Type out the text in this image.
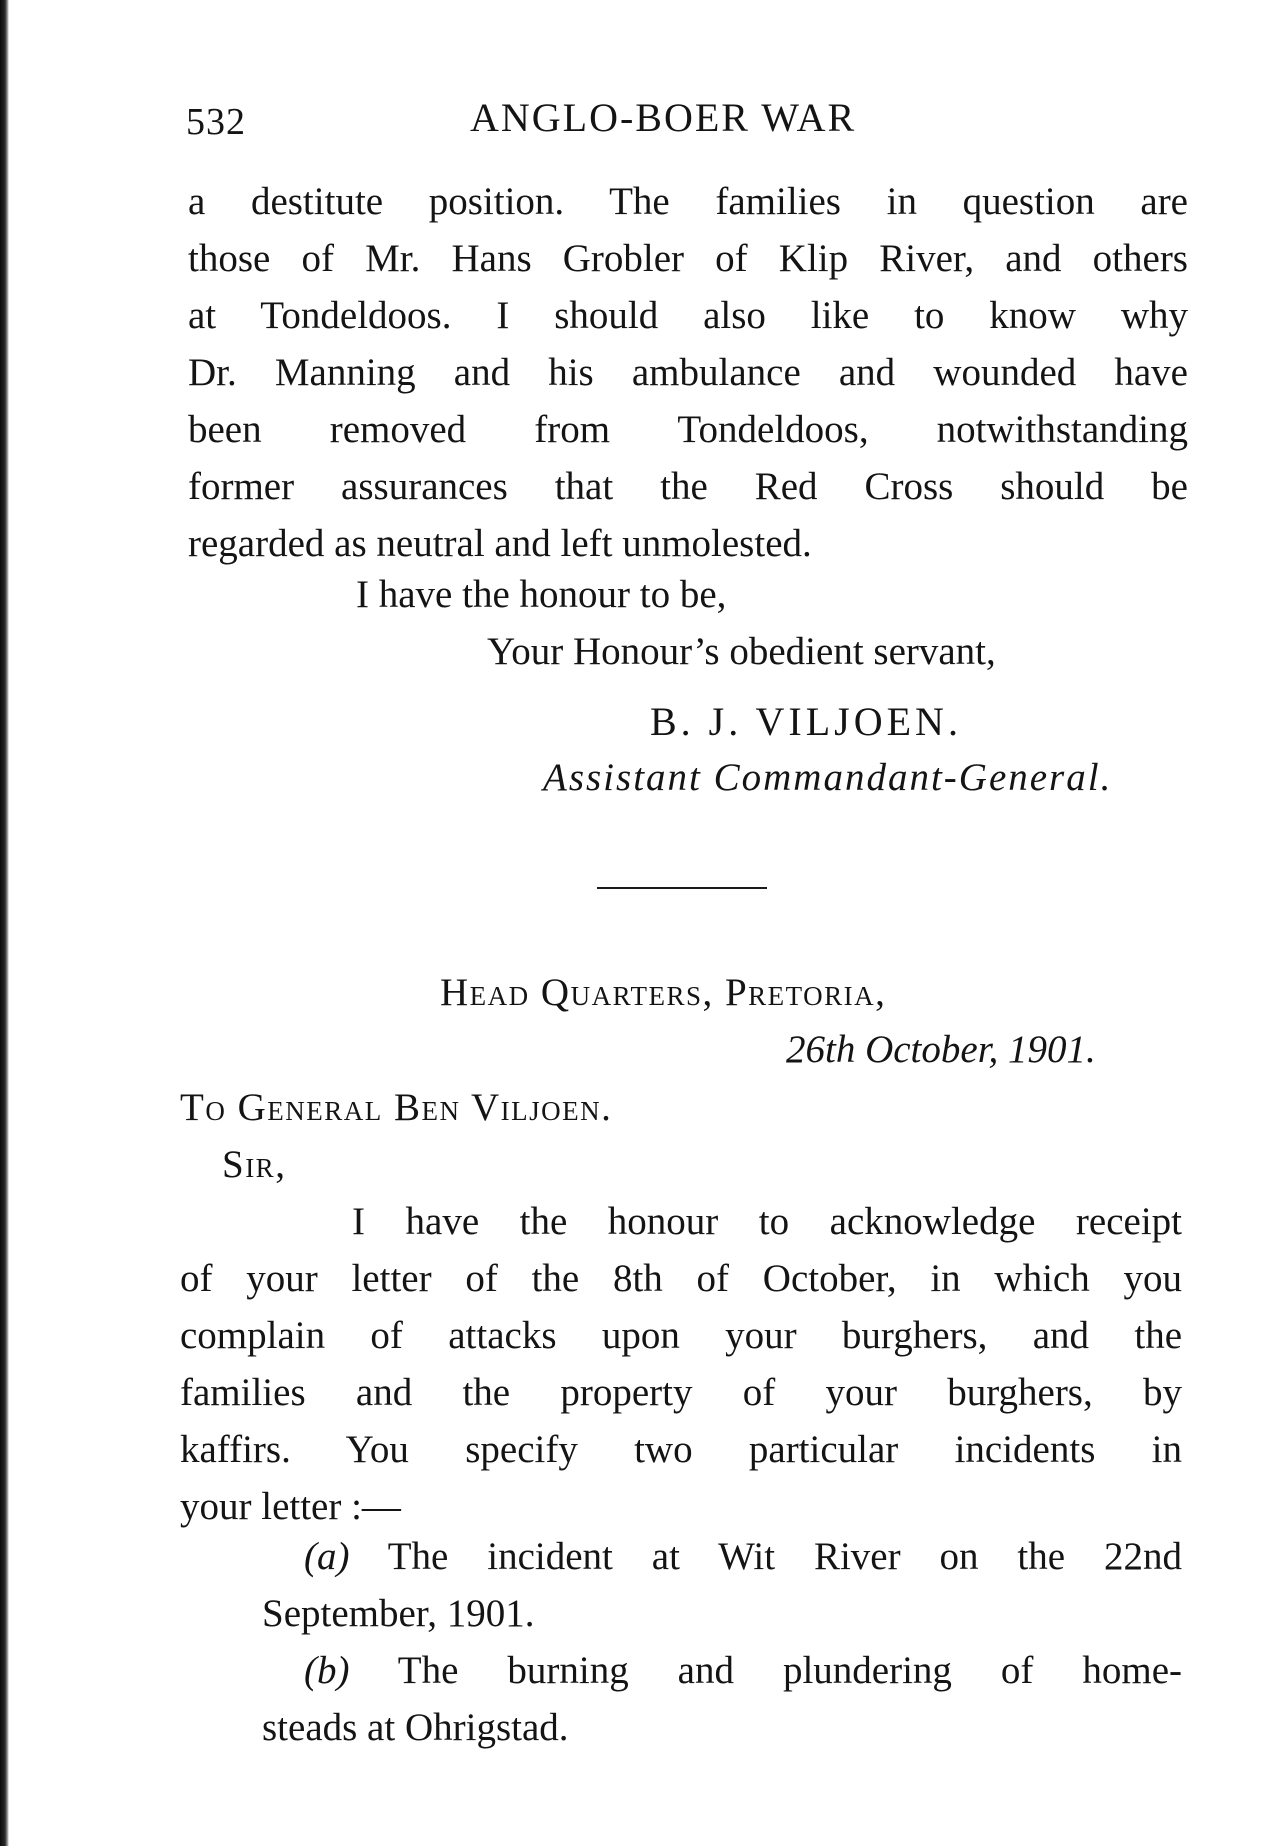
532	ANGLO-BOER WAR
a destitute position. The families in question are
those of Mr. Hans Grobler of Klip River, and others
at Tondeldoos. I should also like to know why
Dr. Manning and his ambulance and wounded have
been removed from Tondeldoos, notwithstanding
former assurances that the Red Cross should be
regarded as neutral and left unmolested.
I have the honour to be,
Your Honour’s obedient servant,
B. J. VILJOEN.
Assistant Commandant-General.
Head Quarters, Pretoria,
26th October, 1901.
To General Ben Viljoen.
Sir,
I have the honour to acknowledge receipt
of your letter of the 8th of October, in which you
complain of attacks upon your burghers, and the
families and the property of your burghers, by
kaffirs. You specify two particular incidents in
your letter :—
(a) The incident at Wit River on the 22nd
September, 1901.
(b) The burning and plundering of home-
steads at Ohrigstad.
